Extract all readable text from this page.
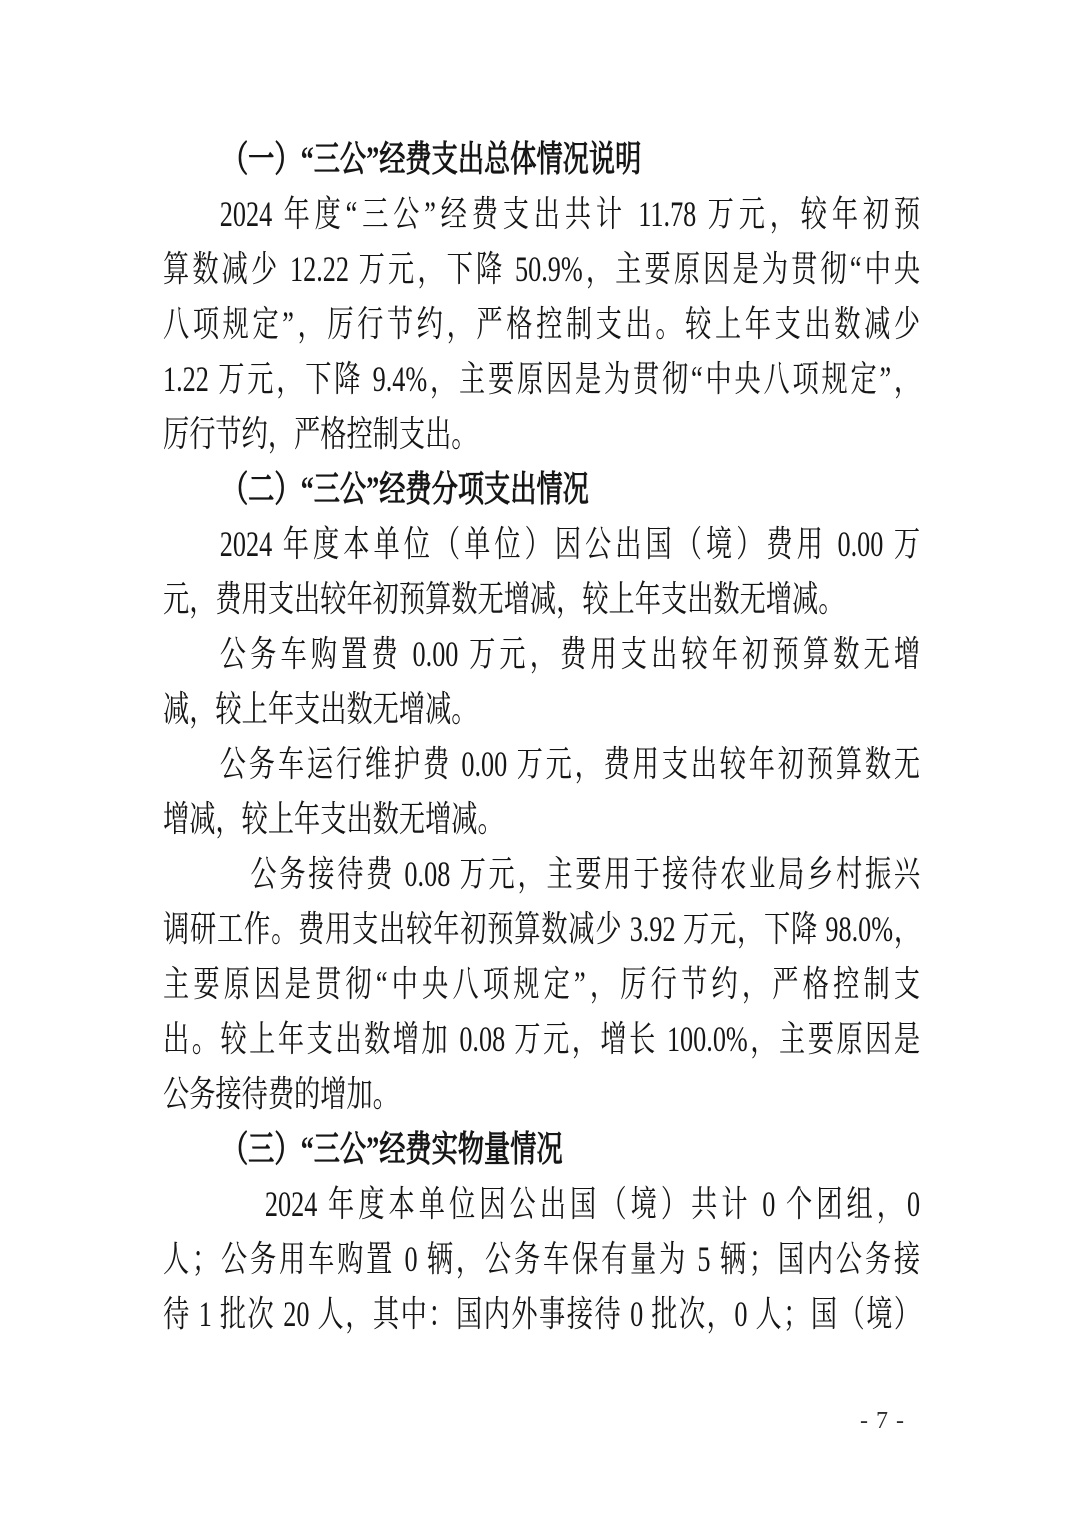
（一）“三公”经费支出总体情况说明
2024 年度“三公”经费支出共计 11.78 万元，较年初预
算数减少 12.22 万元，下降 50.9%，主要原因是为贯彻“中央
八项规定”，厉行节约，严格控制支出。较上年支出数减少
1.22 万元，下降 9.4%，主要原因是为贯彻“中央八项规定”，
厉行节约，严格控制支出。
（二）“三公”经费分项支出情况
2024 年度本单位（单位）因公出国（境）费用 0.00 万
元，费用支出较年初预算数无增减，较上年支出数无增减。
公务车购置费 0.00 万元，费用支出较年初预算数无增
减，较上年支出数无增减。
公务车运行维护费 0.00 万元，费用支出较年初预算数无
增减，较上年支出数无增减。
公务接待费 0.08 万元，主要用于接待农业局乡村振兴
调研工作。费用支出较年初预算数减少 3.92 万元，下降 98.0%，
主要原因是贯彻“中央八项规定”，厉行节约，严格控制支
出。较上年支出数增加 0.08 万元，增长 100.0%，主要原因是
公务接待费的增加。
（三）“三公”经费实物量情况
2024 年度本单位因公出国（境）共计 0 个团组，0
人；公务用车购置 0 辆，公务车保有量为 5 辆；国内公务接
待 1 批次 20 人，其中：国内外事接待 0 批次，0 人；国（境）
- 7 -
